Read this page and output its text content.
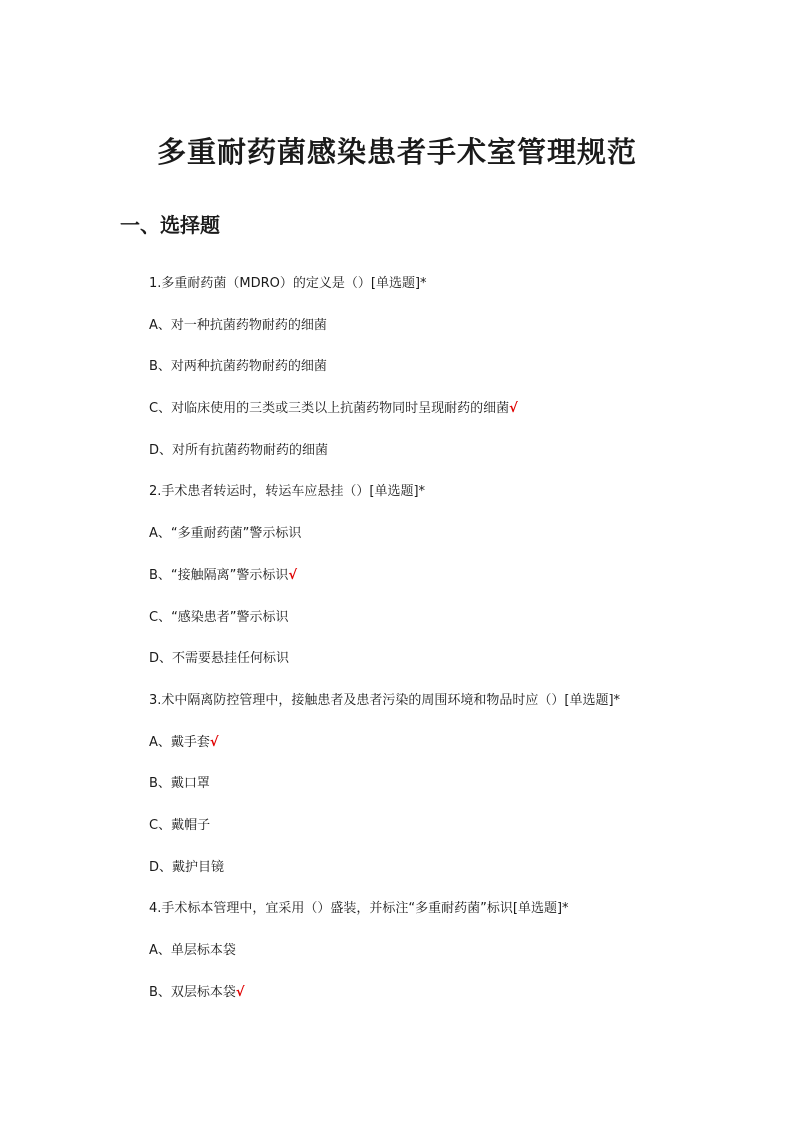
多重耐药菌感染患者手术室管理规范
一、选择题
1.多重耐药菌（MDRO）的定义是（）[单选题]*
A、对一种抗菌药物耐药的细菌
B、对两种抗菌药物耐药的细菌
C、对临床使用的三类或三类以上抗菌药物同时呈现耐药的细菌√
D、对所有抗菌药物耐药的细菌
2.手术患者转运时，转运车应悬挂（）[单选题]*
A、“多重耐药菌”警示标识
B、“接触隔离”警示标识√
C、“感染患者”警示标识
D、不需要悬挂任何标识
3.术中隔离防控管理中，接触患者及患者污染的周围环境和物品时应（）[单选题]*
A、戴手套√
B、戴口罩
C、戴帽子
D、戴护目镜
4.手术标本管理中，宜采用（）盛装，并标注“多重耐药菌”标识[单选题]*
A、单层标本袋
B、双层标本袋√
